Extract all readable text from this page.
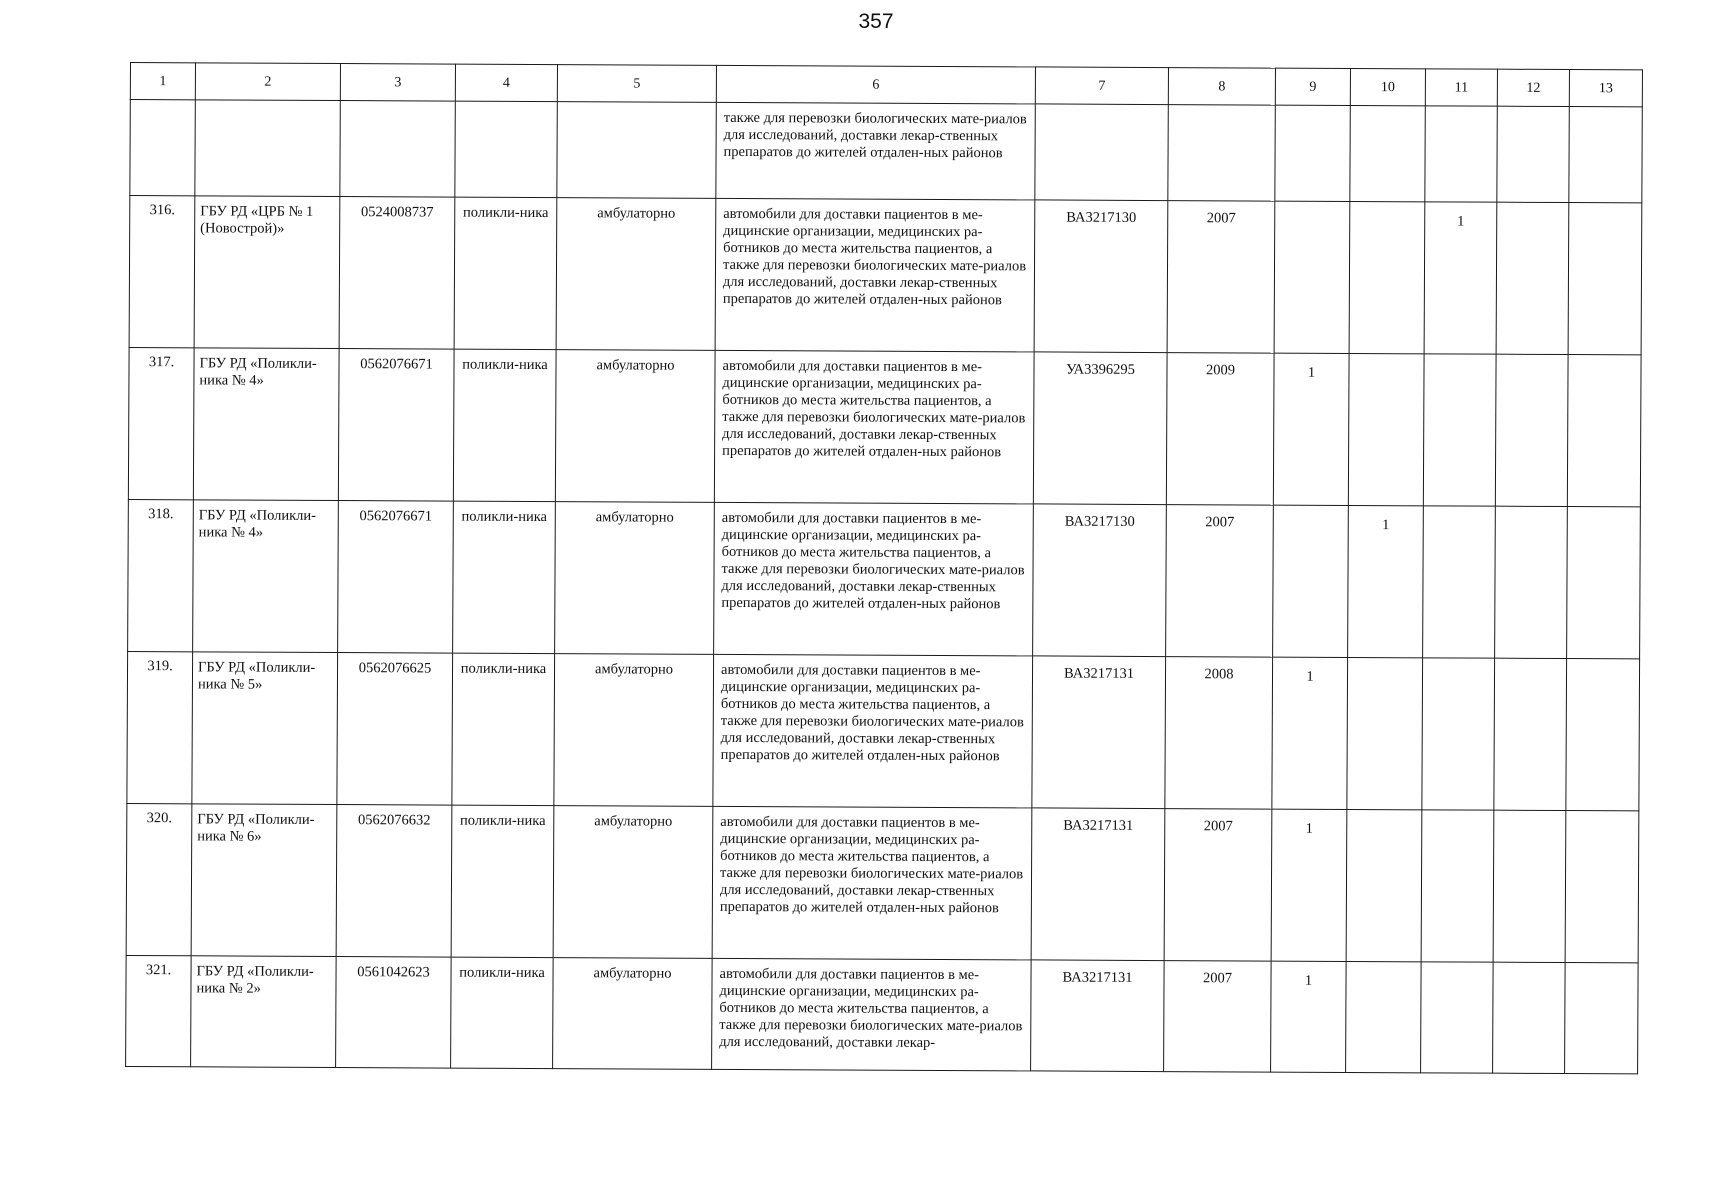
357
1	2	3	4	5	6	7	8	9	10	11	12	13

					также для перевозки биологических мате-риалов для исследований, доставки лекар-ственных препаратов до жителей отдален-ных районов							

316.	ГБУ РД «ЦРБ № 1 (Новострой)»	0524008737	поликли-ника	амбулаторно	автомобили для доставки пациентов в ме-дицинские организации, медицинских ра-ботников до места жительства пациентов, а также для перевозки биологических мате-риалов для исследований, доставки лекар-ственных препаратов до жителей отдален-ных районов	ВА3217130	2007			1		

317.	ГБУ РД «Поликли-ника № 4»	0562076671	поликли-ника	амбулаторно	автомобили для доставки пациентов в ме-дицинские организации, медицинских ра-ботников до места жительства пациентов, а также для перевозки биологических мате-риалов для исследований, доставки лекар-ственных препаратов до жителей отдален-ных районов	УА3396295	2009	1				

318.	ГБУ РД «Поликли-ника № 4»	0562076671	поликли-ника	амбулаторно	автомобили для доставки пациентов в ме-дицинские организации, медицинских ра-ботников до места жительства пациентов, а также для перевозки биологических мате-риалов для исследований, доставки лекар-ственных препаратов до жителей отдален-ных районов	ВА3217130	2007		1			

319.	ГБУ РД «Поликли-ника № 5»	0562076625	поликли-ника	амбулаторно	автомобили для доставки пациентов в ме-дицинские организации, медицинских ра-ботников до места жительства пациентов, а также для перевозки биологических мате-риалов для исследований, доставки лекар-ственных препаратов до жителей отдален-ных районов	ВА3217131	2008	1				

320.	ГБУ РД «Поликли-ника № 6»	0562076632	поликли-ника	амбулаторно	автомобили для доставки пациентов в ме-дицинские организации, медицинских ра-ботников до места жительства пациентов, а также для перевозки биологических мате-риалов для исследований, доставки лекар-ственных препаратов до жителей отдален-ных районов	ВА3217131	2007	1				

321.	ГБУ РД «Поликли-ника № 2»	0561042623	поликли-ника	амбулаторно	автомобили для доставки пациентов в ме-дицинские организации, медицинских ра-ботников до места жительства пациентов, а также для перевозки биологических мате-риалов для исследований, доставки лекар-	ВА3217131	2007	1				
